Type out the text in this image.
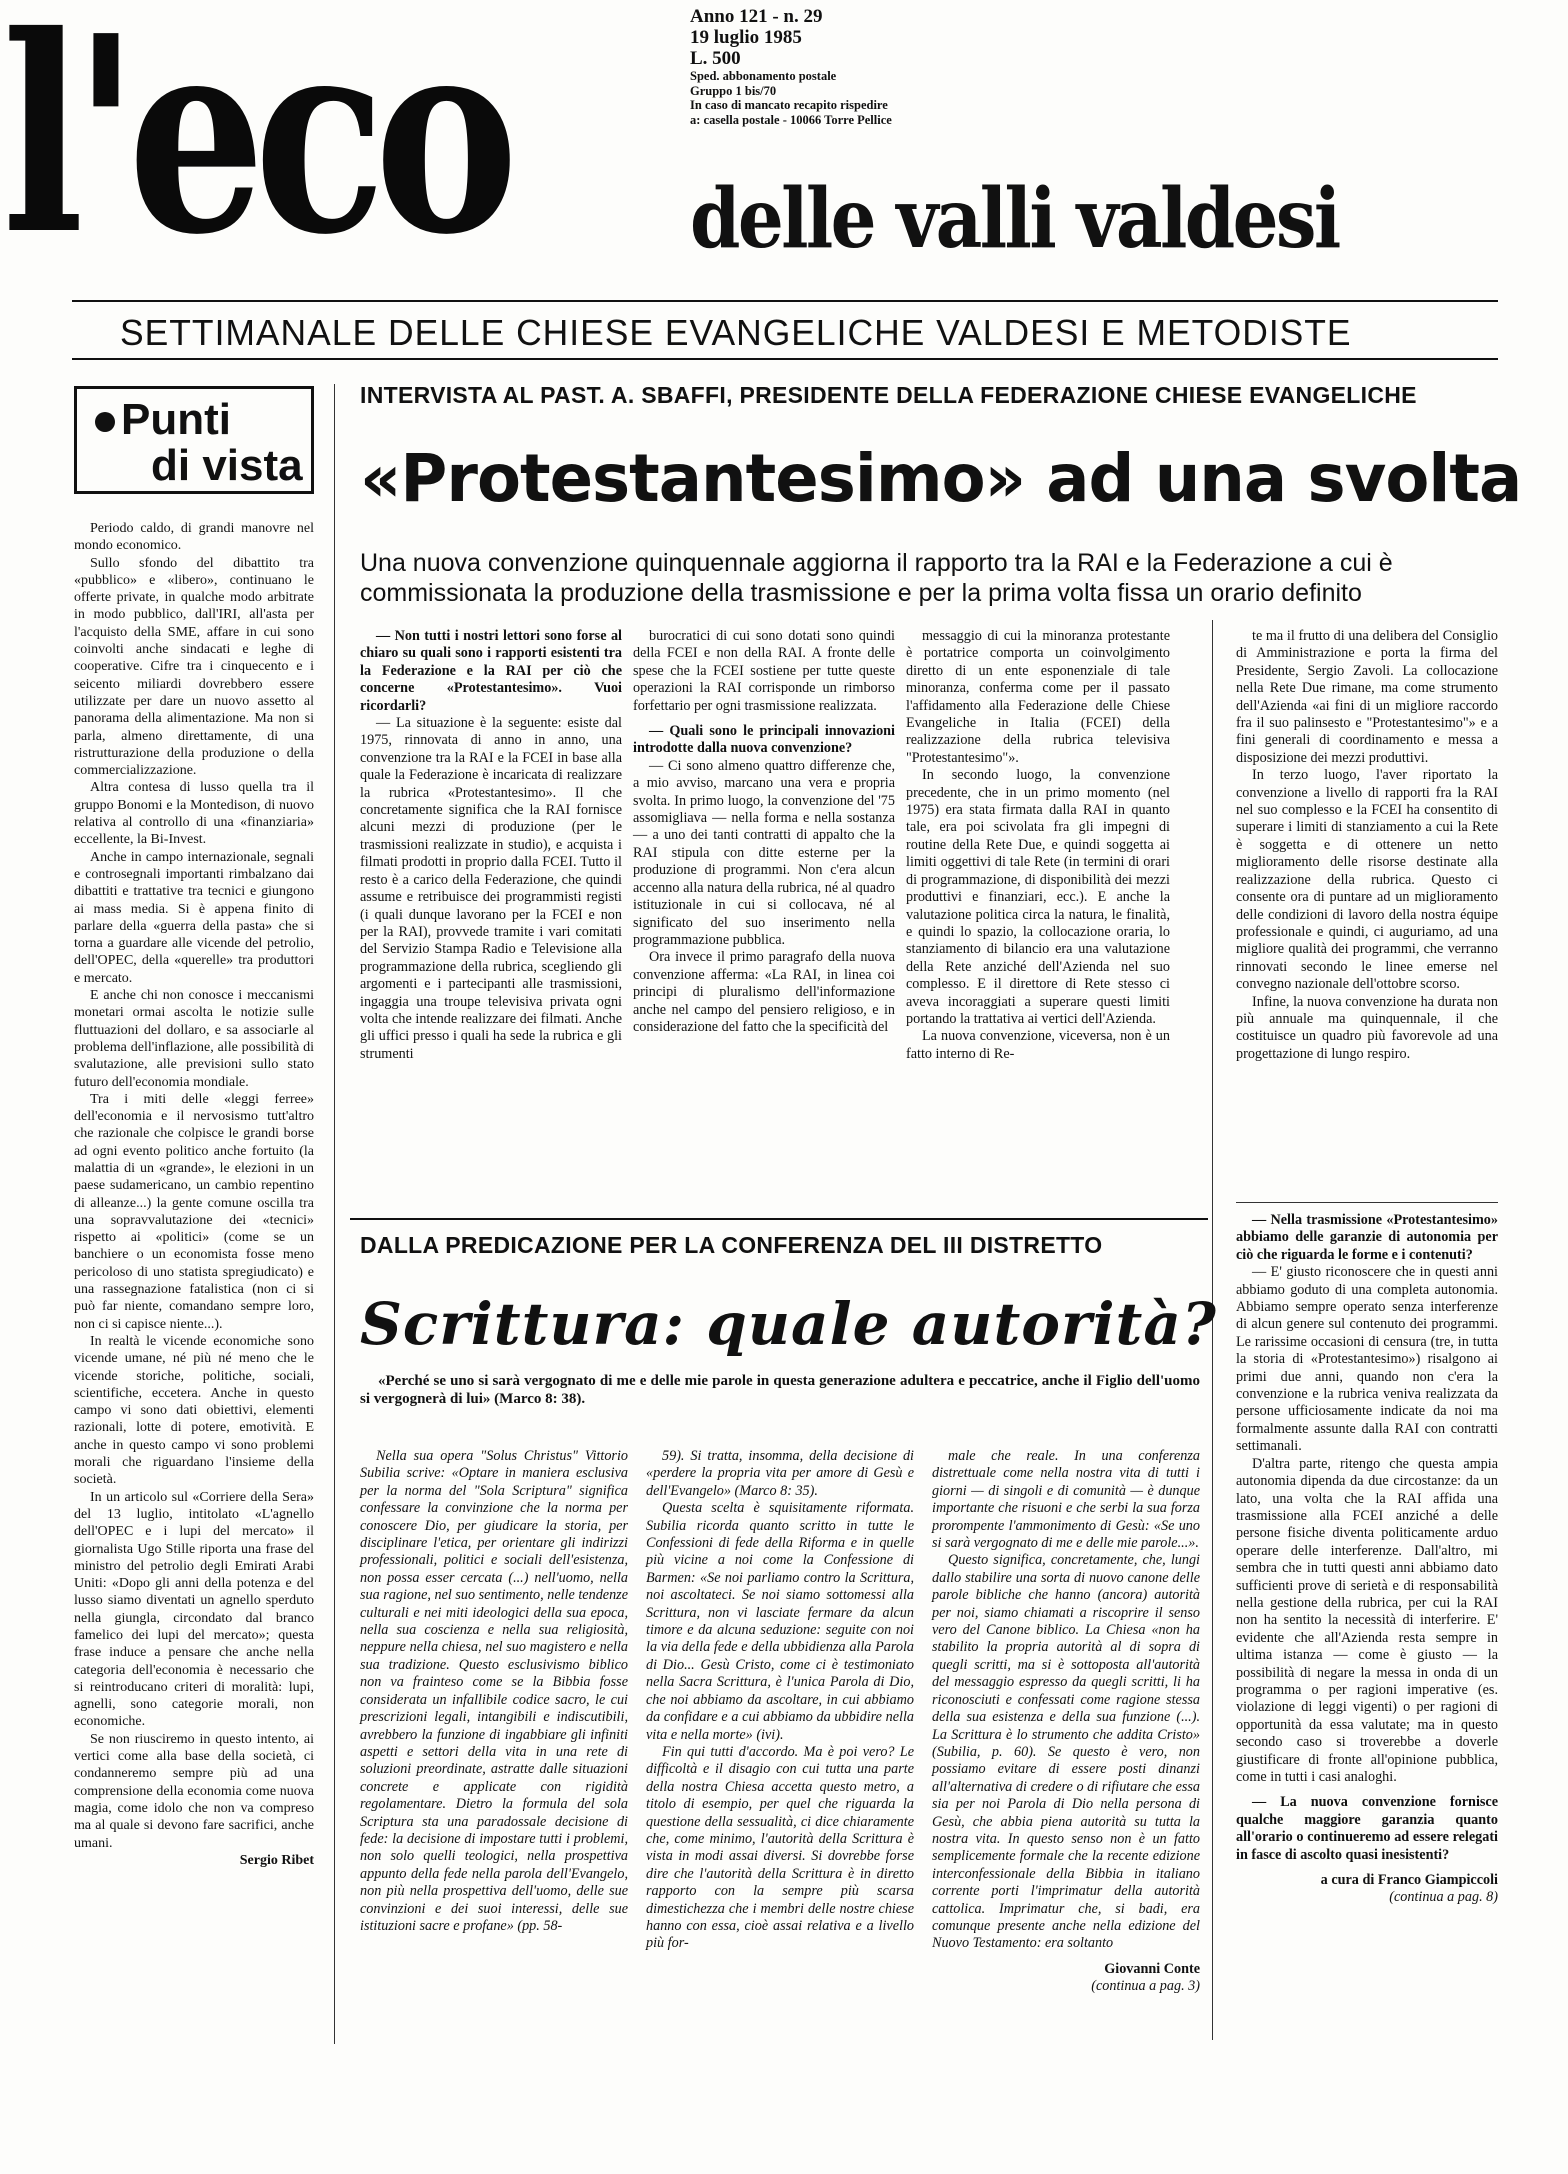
l'eco	Anno 121 - n. 29
19 luglio 1985
L. 500
Sped. abbonamento postale
Gruppo 1 bis/70
In caso di mancato recapito rispedire
a: casella postale - 10066 Torre Pellice
delle valli valdesi
SETTIMANALE DELLE CHIESE EVANGELICHE VALDESI E METODISTE
Punti
di vista

Periodo caldo, di grandi manovre nel mondo economico.

Sullo sfondo del dibattito tra «pubblico» e «libero», continuano le offerte private, in qualche modo arbitrate in modo pubblico, dall'IRI, all'asta per l'acquisto della SME, affare in cui sono coinvolti anche sindacati e leghe di cooperative. Cifre tra i cinquecento e i seicento miliardi dovrebbero essere utilizzate per dare un nuovo assetto al panorama della alimentazione. Ma non si parla, almeno direttamente, di una ristrutturazione della produzione o della commercializzazione.

Altra contesa di lusso quella tra il gruppo Bonomi e la Montedison, di nuovo relativa al controllo di una «finanziaria» eccellente, la Bi-Invest.

Anche in campo internazionale, segnali e controsegnali importanti rimbalzano dai dibattiti e trattative tra tecnici e giungono ai mass media. Si è appena finito di parlare della «guerra della pasta» che si torna a guardare alle vicende del petrolio, dell'OPEC, della «querelle» tra produttori e mercato.

E anche chi non conosce i meccanismi monetari ormai ascolta le notizie sulle fluttuazioni del dollaro, e sa associarle al problema dell'inflazione, alle possibilità di svalutazione, alle previsioni sullo stato futuro dell'economia mondiale.

Tra i miti delle «leggi ferree» dell'economia e il nervosismo tutt'altro che razionale che colpisce le grandi borse ad ogni evento politico anche fortuito (la malattia di un «grande», le elezioni in un paese sudamericano, un cambio repentino di alleanze...) la gente comune oscilla tra una sopravvalutazione dei «tecnici» rispetto ai «politici» (come se un banchiere o un economista fosse meno pericoloso di uno statista spregiudicato) e una rassegnazione fatalistica (non ci si può far niente, comandano sempre loro, non ci si capisce niente...).

In realtà le vicende economiche sono vicende umane, né più né meno che le vicende storiche, politiche, sociali, scientifiche, eccetera. Anche in questo campo vi sono dati obiettivi, elementi razionali, lotte di potere, emotività. E anche in questo campo vi sono problemi morali che riguardano l'insieme della società.

In un articolo sul «Corriere della Sera» del 13 luglio, intitolato «L'agnello dell'OPEC e i lupi del mercato» il giornalista Ugo Stille riporta una frase del ministro del petrolio degli Emirati Arabi Uniti: «Dopo gli anni della potenza e del lusso siamo diventati un agnello sperduto nella giungla, circondato dal branco famelico dei lupi del mercato»; questa frase induce a pensare che anche nella categoria dell'economia è necessario che si reintroducano criteri di moralità: lupi, agnelli, sono categorie morali, non economiche.

Se non riusciremo in questo intento, ai vertici come alla base della società, ci condanneremo sempre più ad una comprensione della economia come nuova magia, come idolo che non va compreso ma al quale si devono fare sacrifici, anche umani.

Sergio Ribet

INTERVISTA AL PAST. A. SBAFFI, PRESIDENTE DELLA FEDERAZIONE CHIESE EVANGELICHE
«Protestantesimo» ad una svolta
Una nuova convenzione quinquennale aggiorna il rapporto tra la RAI e la Federazione a cui è commissionata la produzione della trasmissione e per la prima volta fissa un orario definito

— Non tutti i nostri lettori sono forse al chiaro su quali sono i rapporti esistenti tra la Federazione e la RAI per ciò che concerne «Protestantesimo». Vuoi ricordarli?

— La situazione è la seguente: esiste dal 1975, rinnovata di anno in anno, una convenzione tra la RAI e la FCEI in base alla quale la Federazione è incaricata di realizzare la rubrica «Protestantesimo». Il che concretamente significa che la RAI fornisce alcuni mezzi di produzione (per le trasmissioni realizzate in studio), e acquista i filmati prodotti in proprio dalla FCEI. Tutto il resto è a carico della Federazione, che quindi assume e retribuisce dei programmisti registi (i quali dunque lavorano per la FCEI e non per la RAI), provvede tramite i vari comitati del Servizio Stampa Radio e Televisione alla programmazione della rubrica, scegliendo gli argomenti e i partecipanti alle trasmissioni, ingaggia una troupe televisiva privata ogni volta che intende realizzare dei filmati. Anche gli uffici presso i quali ha sede la rubrica e gli strumenti

burocratici di cui sono dotati sono quindi della FCEI e non della RAI. A fronte delle spese che la FCEI sostiene per tutte queste operazioni la RAI corrisponde un rimborso forfettario per ogni trasmissione realizzata.

— Quali sono le principali innovazioni introdotte dalla nuova convenzione?

— Ci sono almeno quattro differenze che, a mio avviso, marcano una vera e propria svolta. In primo luogo, la convenzione del '75 assomigliava — nella forma e nella sostanza — a uno dei tanti contratti di appalto che la RAI stipula con ditte esterne per la produzione di programmi. Non c'era alcun accenno alla natura della rubrica, né al quadro istituzionale in cui si collocava, né al significato del suo inserimento nella programmazione pubblica.

Ora invece il primo paragrafo della nuova convenzione afferma: «La RAI, in linea coi principi di pluralismo dell'informazione anche nel campo del pensiero religioso, e in considerazione del fatto che la specificità del

messaggio di cui la minoranza protestante è portatrice comporta un coinvolgimento diretto di un ente esponenziale di tale minoranza, conferma come per il passato l'affidamento alla Federazione delle Chiese Evangeliche in Italia (FCEI) della realizzazione della rubrica televisiva "Protestantesimo"».

In secondo luogo, la convenzione precedente, che in un primo momento (nel 1975) era stata firmata dalla RAI in quanto tale, era poi scivolata fra gli impegni di routine della Rete Due, e quindi soggetta ai limiti oggettivi di tale Rete (in termini di orari di programmazione, di disponibilità dei mezzi produttivi e finanziari, ecc.). E anche la valutazione politica circa la natura, le finalità, e quindi lo spazio, la collocazione oraria, lo stanziamento di bilancio era una valutazione della Rete anziché dell'Azienda nel suo complesso. E il direttore di Rete stesso ci aveva incoraggiati a superare questi limiti portando la trattativa ai vertici dell'Azienda.

La nuova convenzione, viceversa, non è un fatto interno di Re-

te ma il frutto di una delibera del Consiglio di Amministrazione e porta la firma del Presidente, Sergio Zavoli. La collocazione nella Rete Due rimane, ma come strumento dell'Azienda «ai fini di un migliore raccordo fra il suo palinsesto e "Protestantesimo"» e a fini generali di coordinamento e messa a disposizione dei mezzi produttivi.

In terzo luogo, l'aver riportato la convenzione a livello di rapporti fra la RAI nel suo complesso e la FCEI ha consentito di superare i limiti di stanziamento a cui la Rete è soggetta e di ottenere un netto miglioramento delle risorse destinate alla realizzazione della rubrica. Questo ci consente ora di puntare ad un miglioramento delle condizioni di lavoro della nostra équipe professionale e quindi, ci auguriamo, ad una migliore qualità dei programmi, che verranno rinnovati secondo le linee emerse nel convegno nazionale dell'ottobre scorso.

Infine, la nuova convenzione ha durata non più annuale ma quinquennale, il che costituisce un quadro più favorevole ad una progettazione di lungo respiro.

— Nella trasmissione «Protestantesimo» abbiamo delle garanzie di autonomia per ciò che riguarda le forme e i contenuti?

— E' giusto riconoscere che in questi anni abbiamo goduto di una completa autonomia. Abbiamo sempre operato senza interferenze di alcun genere sul contenuto dei programmi. Le rarissime occasioni di censura (tre, in tutta la storia di «Protestantesimo») risalgono ai primi due anni, quando non c'era la convenzione e la rubrica veniva realizzata da persone ufficiosamente indicate da noi ma formalmente assunte dalla RAI con contratti settimanali.

D'altra parte, ritengo che questa ampia autonomia dipenda da due circostanze: da un lato, una volta che la RAI affida una trasmissione alla FCEI anziché a delle persone fisiche diventa politicamente arduo operare delle interferenze. Dall'altro, mi sembra che in tutti questi anni abbiamo dato sufficienti prove di serietà e di responsabilità nella gestione della rubrica, per cui la RAI non ha sentito la necessità di interferire. E' evidente che all'Azienda resta sempre in ultima istanza — come è giusto — la possibilità di negare la messa in onda di un programma o per ragioni imperative (es. violazione di leggi vigenti) o per ragioni di opportunità da essa valutate; ma in questo secondo caso si troverebbe a doverle giustificare di fronte all'opinione pubblica, come in tutti i casi analoghi.

— La nuova convenzione fornisce qualche maggiore garanzia quanto all'orario o continueremo ad essere relegati in fasce di ascolto quasi inesistenti?

a cura di Franco Giampiccoli

(continua a pag. 8)

DALLA PREDICAZIONE PER LA CONFERENZA DEL III DISTRETTO
Scrittura: quale autorità?
«Perché se uno si sarà vergognato di me e delle mie parole in questa generazione adultera e peccatrice, anche il Figlio dell'uomo si vergognerà di lui» (Marco 8: 38).

Nella sua opera "Solus Christus" Vittorio Subilia scrive: «Optare in maniera esclusiva per la norma del "Sola Scriptura" significa confessare la convinzione che la norma per conoscere Dio, per giudicare la storia, per disciplinare l'etica, per orientare gli indirizzi professionali, politici e sociali dell'esistenza, non possa esser cercata (...) nell'uomo, nella sua ragione, nel suo sentimento, nelle tendenze culturali e nei miti ideologici della sua epoca, nella sua coscienza e nella sua religiosità, neppure nella chiesa, nel suo magistero e nella sua tradizione. Questo esclusivismo biblico non va frainteso come se la Bibbia fosse considerata un infallibile codice sacro, le cui prescrizioni legali, intangibili e indiscutibili, avrebbero la funzione di ingabbiare gli infiniti aspetti e settori della vita in una rete di soluzioni preordinate, astratte dalle situazioni concrete e applicate con rigidità regolamentare. Dietro la formula del sola Scriptura sta una paradossale decisione di fede: la decisione di impostare tutti i problemi, non solo quelli teologici, nella prospettiva appunto della fede nella parola dell'Evangelo, non più nella prospettiva dell'uomo, delle sue convinzioni e dei suoi interessi, delle sue istituzioni sacre e profane» (pp. 58-

59). Si tratta, insomma, della decisione di «perdere la propria vita per amore di Gesù e dell'Evangelo» (Marco 8: 35).

Questa scelta è squisitamente riformata. Subilia ricorda quanto scritto in tutte le Confessioni di fede della Riforma e in quelle più vicine a noi come la Confessione di Barmen: «Se noi parliamo contro la Scrittura, noi ascoltateci. Se noi siamo sottomessi alla Scrittura, non vi lasciate fermare da alcun timore e da alcuna seduzione: seguite con noi la via della fede e della ubbidienza alla Parola di Dio... Gesù Cristo, come ci è testimoniato nella Sacra Scrittura, è l'unica Parola di Dio, che noi abbiamo da ascoltare, in cui abbiamo da confidare e a cui abbiamo da ubbidire nella vita e nella morte» (ivi).

Fin qui tutti d'accordo. Ma è poi vero? Le difficoltà e il disagio con cui tutta una parte della nostra Chiesa accetta questo metro, a titolo di esempio, per quel che riguarda la questione della sessualità, ci dice chiaramente che, come minimo, l'autorità della Scrittura è vista in modi assai diversi. Si dovrebbe forse dire che l'autorità della Scrittura è in diretto rapporto con la sempre più scarsa dimestichezza che i membri delle nostre chiese hanno con essa, cioè assai relativa e a livello più for-

male che reale. In una conferenza distrettuale come nella nostra vita di tutti i giorni — di singoli e di comunità — è dunque importante che risuoni e che serbi la sua forza prorompente l'ammonimento di Gesù: «Se uno si sarà vergognato di me e delle mie parole...».

Questo significa, concretamente, che, lungi dallo stabilire una sorta di nuovo canone delle parole bibliche che hanno (ancora) autorità per noi, siamo chiamati a riscoprire il senso vero del Canone biblico. La Chiesa «non ha stabilito la propria autorità al di sopra di quegli scritti, ma si è sottoposta all'autorità del messaggio espresso da quegli scritti, li ha riconosciuti e confessati come ragione stessa della sua esistenza e della sua funzione (...). La Scrittura è lo strumento che addita Cristo» (Subilia, p. 60). Se questo è vero, non possiamo evitare di essere posti dinanzi all'alternativa di credere o di rifiutare che essa sia per noi Parola di Dio nella persona di Gesù, che abbia piena autorità su tutta la nostra vita. In questo senso non è un fatto semplicemente formale che la recente edizione interconfessionale della Bibbia in italiano corrente porti l'imprimatur della autorità cattolica. Imprimatur che, si badi, era comunque presente anche nella edizione del Nuovo Testamento: era soltanto

Giovanni Conte

(continua a pag. 3)
